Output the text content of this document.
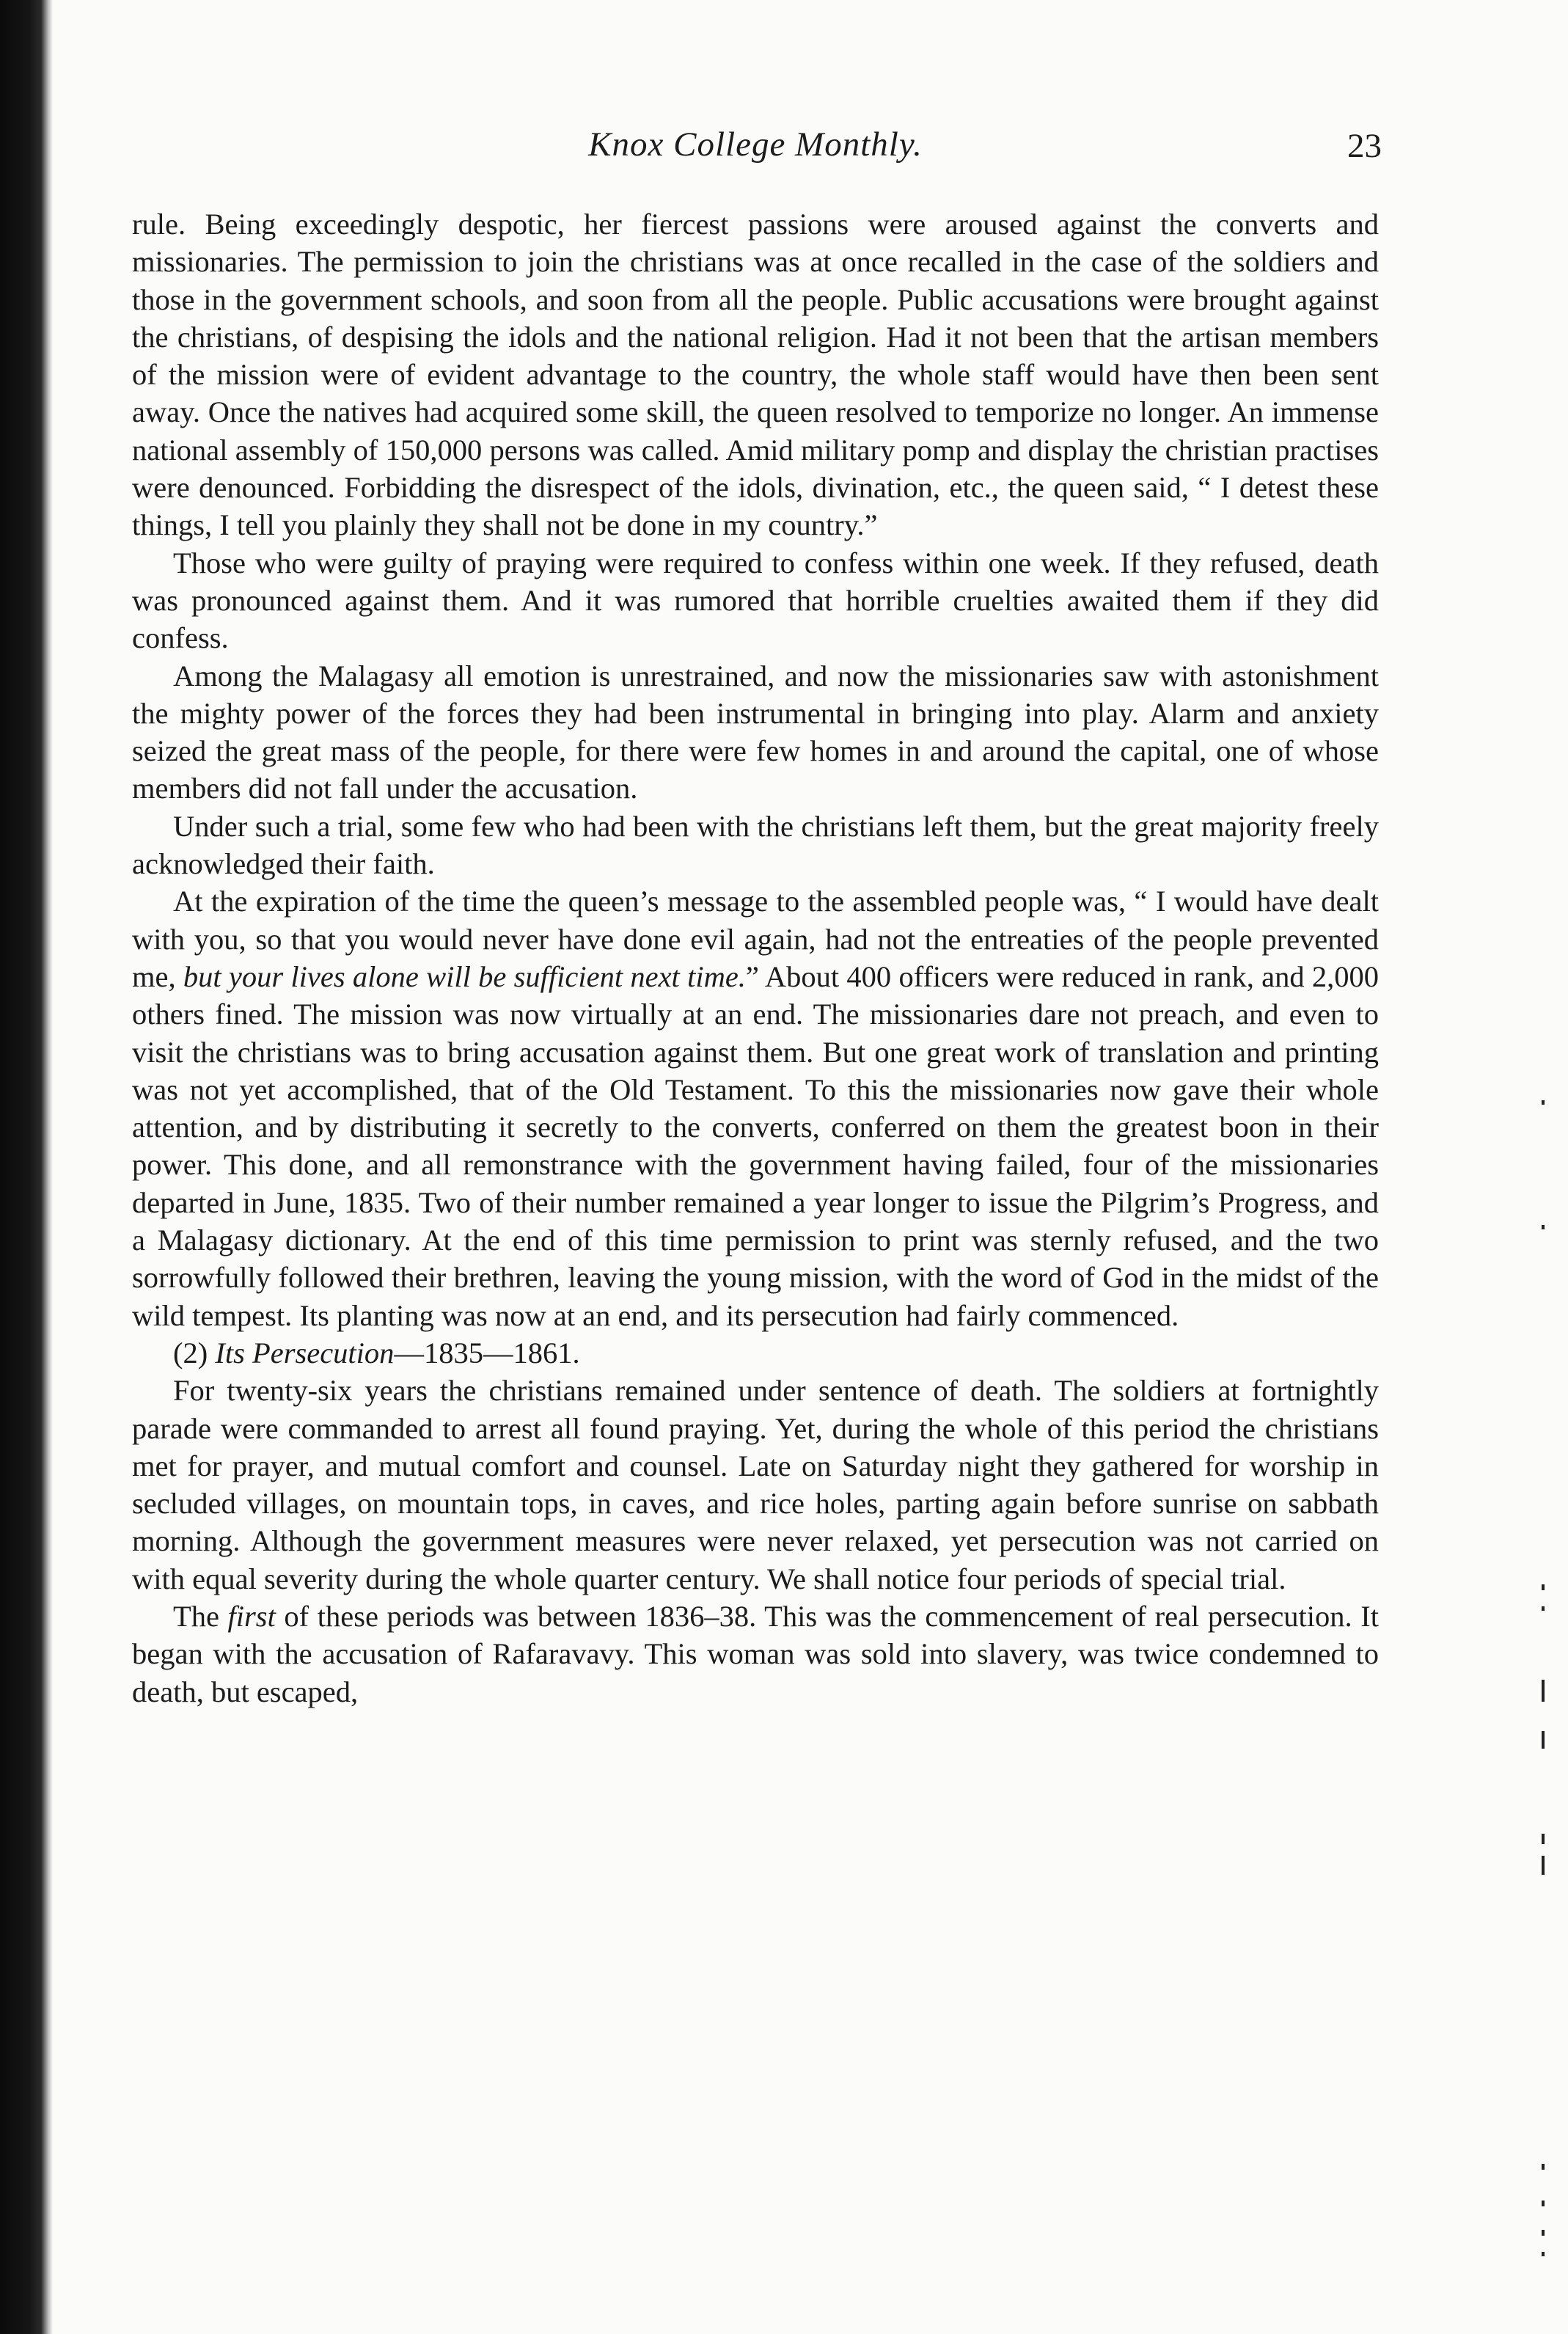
Knox College Monthly.	23

rule. Being exceedingly despotic, her fiercest passions were aroused against the converts and missionaries. The permission to join the christians was at once recalled in the case of the soldiers and those in the government schools, and soon from all the people. Public accusations were brought against the christians, of despising the idols and the national religion. Had it not been that the artisan members of the mission were of evident advantage to the country, the whole staff would have then been sent away. Once the natives had acquired some skill, the queen resolved to temporize no longer. An immense national assembly of 150,000 persons was called. Amid military pomp and display the christian practises were denounced. Forbidding the disrespect of the idols, divination, etc., the queen said, “ I detest these things, I tell you plainly they shall not be done in my country.”

Those who were guilty of praying were required to confess within one week. If they refused, death was pronounced against them. And it was rumored that horrible cruelties awaited them if they did confess.

Among the Malagasy all emotion is unrestrained, and now the missionaries saw with astonishment the mighty power of the forces they had been instrumental in bringing into play. Alarm and anxiety seized the great mass of the people, for there were few homes in and around the capital, one of whose members did not fall under the accusation.

Under such a trial, some few who had been with the christians left them, but the great majority freely acknowledged their faith.

At the expiration of the time the queen’s message to the assembled people was, “ I would have dealt with you, so that you would never have done evil again, had not the entreaties of the people prevented me, but your lives alone will be sufficient next time.” About 400 officers were reduced in rank, and 2,000 others fined. The mission was now virtually at an end. The missionaries dare not preach, and even to visit the christians was to bring accusation against them. But one great work of translation and printing was not yet accomplished, that of the Old Testament. To this the missionaries now gave their whole attention, and by distributing it secretly to the converts, conferred on them the greatest boon in their power. This done, and all remonstrance with the government having failed, four of the missionaries departed in June, 1835. Two of their number remained a year longer to issue the Pilgrim’s Progress, and a Malagasy dictionary. At the end of this time permission to print was sternly refused, and the two sorrowfully followed their brethren, leaving the young mission, with the word of God in the midst of the wild tempest. Its planting was now at an end, and its persecution had fairly commenced.

(2) Its Persecution—1835—1861.

For twenty-six years the christians remained under sentence of death. The soldiers at fortnightly parade were commanded to arrest all found praying. Yet, during the whole of this period the christians met for prayer, and mutual comfort and counsel. Late on Saturday night they gathered for worship in secluded villages, on mountain tops, in caves, and rice holes, parting again before sunrise on sabbath morning. Although the government measures were never relaxed, yet persecution was not carried on with equal severity during the whole quarter century. We shall notice four periods of special trial.

The first of these periods was between 1836–38. This was the commencement of real persecution. It began with the accusation of Rafaravavy. This woman was sold into slavery, was twice condemned to death, but escaped,
